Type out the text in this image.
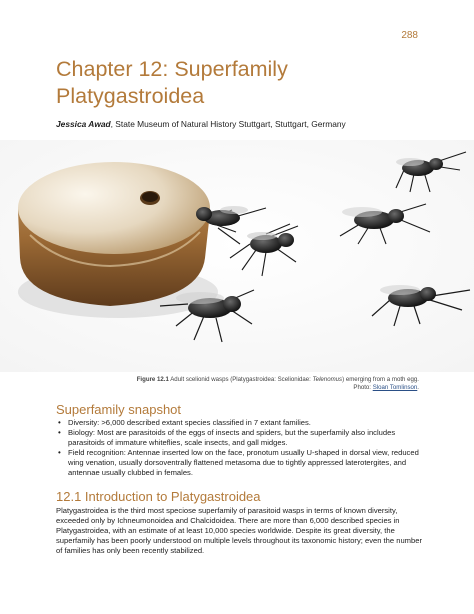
288
Chapter 12: Superfamily Platygastroidea
Jessica Awad, State Museum of Natural History Stuttgart, Stuttgart, Germany
Figure 12.1 Adult scelionid wasps (Platygastroidea: Scelionidae: Telenomus) emerging from a moth egg.
Photo: Sloan Tomlinson.
Superfamily snapshot
• Diversity: >6,000 described extant species classified in 7 extant families.
• Biology: Most are parasitoids of the eggs of insects and spiders, but the superfamily also includes parasitoids of immature whiteflies, scale insects, and gall midges.
• Field recognition: Antennae inserted low on the face, pronotum usually U-shaped in dorsal view, reduced wing venation, usually dorsoventrally flattened metasoma due to tightly appressed laterotergites, and antennae usually clubbed in females.
12.1 Introduction to Platygastroidea

Platygastroidea is the third most speciose superfamily of parasitoid wasps in terms of known diversity, exceeded only by Ichneumonoidea and Chalcidoidea. There are more than 6,000 described species in Platygastroidea, with an estimate of at least 10,000 species worldwide. Despite its great diversity, the superfamily has been poorly understood on multiple levels throughout its taxonomic history; even the number of families has only been recently stabilized.
